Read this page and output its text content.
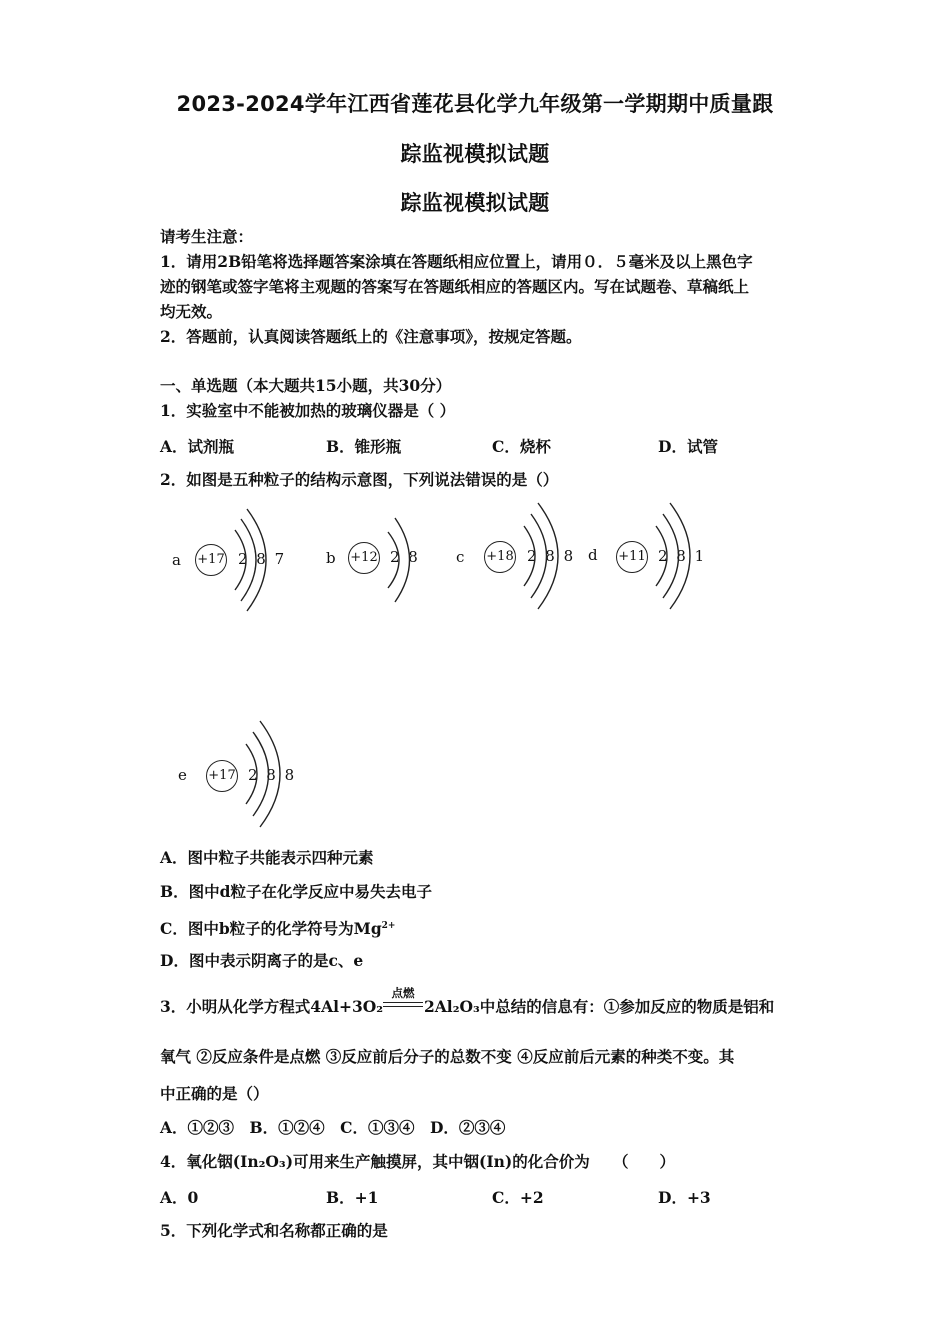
2023-2024学年江西省莲花县化学九年级第一学期期中质量跟
踪监视模拟试题
踪监视模拟试题
请考生注意：
1．请用2B铅笔将选择题答案涂填在答题纸相应位置上，请用０．５毫米及以上黑色字
迹的钢笔或签字笔将主观题的答案写在答题纸相应的答题区内。写在试题卷、草稿纸上
均无效。
2．答题前，认真阅读答题纸上的《注意事项》，按规定答题。
一、单选题（本大题共15小题，共30分）
1．实验室中不能被加热的玻璃仪器是（ ）
A．试剂瓶	B．锥形瓶	C．烧杯	D．试管
2．如图是五种粒子的结构示意图，下列说法错误的是（）
a +17 2 8 7	b +12 2 8	c +18 2 8 8 d +11 2 8 1
e +17 2 8 8
A．图中粒子共能表示四种元素
B．图中d粒子在化学反应中易失去电子
C．图中b粒子的化学符号为$Mg^{2+}$
D．图中表示阴离子的是c、e
3．小明从化学方程式4Al+3O₂
点燃
2Al₂O₃中总结的信息有：①参加反应的物质是铝和
氧气 ②反应条件是点燃 ③反应前后分子的总数不变 ④反应前后元素的种类不变。其
中正确的是（）
A．①②③　B．①②④　C．①③④　D．②③④
4．氧化铟(In₂O₃)可用来生产触摸屏，其中铟(In)的化合价为　　（　　）
A．0	B．+1	C．+2	D．+3
5．下列化学式和名称都正确的是
